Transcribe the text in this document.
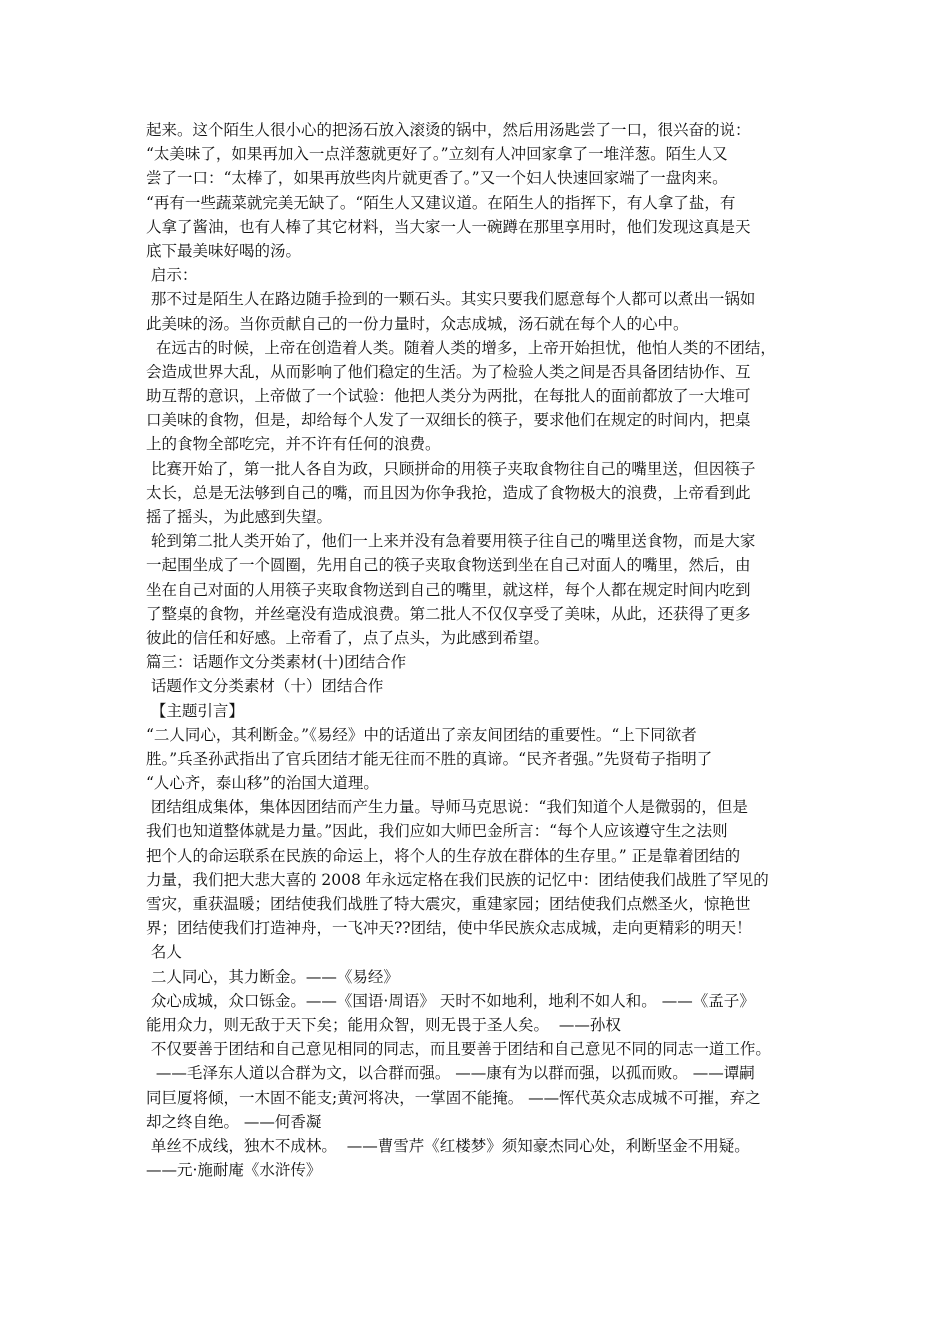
起来。这个陌生人很小心的把汤石放入滚烫的锅中，然后用汤匙尝了一口，很兴奋的说：
“太美味了，如果再加入一点洋葱就更好了。”立刻有人冲回家拿了一堆洋葱。陌生人又
尝了一口：“太棒了，如果再放些肉片就更香了。”又一个妇人快速回家端了一盘肉来。
“再有一些蔬菜就完美无缺了。“陌生人又建议道。在陌生人的指挥下，有人拿了盐，有
人拿了酱油，也有人棒了其它材料，当大家一人一碗蹲在那里享用时，他们发现这真是天
底下最美味好喝的汤。
启示：
那不过是陌生人在路边随手捡到的一颗石头。其实只要我们愿意每个人都可以煮出一锅如
此美味的汤。当你贡献自己的一份力量时，众志成城，汤石就在每个人的心中。
在远古的时候，上帝在创造着人类。随着人类的增多，上帝开始担忧，他怕人类的不团结，
会造成世界大乱，从而影响了他们稳定的生活。为了检验人类之间是否具备团结协作、互
助互帮的意识，上帝做了一个试验：他把人类分为两批，在每批人的面前都放了一大堆可
口美味的食物，但是，却给每个人发了一双细长的筷子，要求他们在规定的时间内，把桌
上的食物全部吃完，并不许有任何的浪费。
比赛开始了，第一批人各自为政，只顾拼命的用筷子夹取食物往自己的嘴里送，但因筷子
太长，总是无法够到自己的嘴，而且因为你争我抢，造成了食物极大的浪费，上帝看到此
摇了摇头，为此感到失望。
轮到第二批人类开始了，他们一上来并没有急着要用筷子往自己的嘴里送食物，而是大家
一起围坐成了一个圆圈，先用自己的筷子夹取食物送到坐在自己对面人的嘴里，然后，由
坐在自己对面的人用筷子夹取食物送到自己的嘴里，就这样，每个人都在规定时间内吃到
了整桌的食物，并丝毫没有造成浪费。第二批人不仅仅享受了美味，从此，还获得了更多
彼此的信任和好感。上帝看了，点了点头，为此感到希望。
篇三：话题作文分类素材(十)团结合作
话题作文分类素材（十）团结合作
【主题引言】
“二人同心，其利断金。”《易经》中的话道出了亲友间团结的重要性。“上下同欲者
胜。”兵圣孙武指出了官兵团结才能无往而不胜的真谛。“民齐者强。”先贤荀子指明了
“人心齐，泰山移”的治国大道理。
团结组成集体，集体因团结而产生力量。导师马克思说：“我们知道个人是微弱的，但是
我们也知道整体就是力量。”因此，我们应如大师巴金所言：“每个人应该遵守生之法则
把个人的命运联系在民族的命运上，将个人的生存放在群体的生存里。” 正是靠着团结的
力量，我们把大悲大喜的 2008 年永远定格在我们民族的记忆中：团结使我们战胜了罕见的
雪灾，重获温暖；团结使我们战胜了特大震灾，重建家园；团结使我们点燃圣火，惊艳世
界；团结使我们打造神舟，一飞冲天??团结，使中华民族众志成城，走向更精彩的明天！
名人
二人同心，其力断金。——《易经》
众心成城，众口铄金。——《国语·周语》 天时不如地利，地利不如人和。 ——《孟子》
能用众力，则无敌于天下矣；能用众智，则无畏于圣人矣。  ——孙权
不仅要善于团结和自己意见相同的同志，而且要善于团结和自己意见不同的同志一道工作。
——毛泽东人道以合群为文，以合群而强。 ——康有为以群而强，以孤而败。 ——谭嗣
同巨厦将倾，一木固不能支;黄河将决，一掌固不能掩。 ——恽代英众志成城不可摧，弃之
却之终自绝。 ——何香凝
单丝不成线，独木不成林。  ——曹雪芹《红楼梦》须知豪杰同心处，利断坚金不用疑。
——元·施耐庵《水浒传》
